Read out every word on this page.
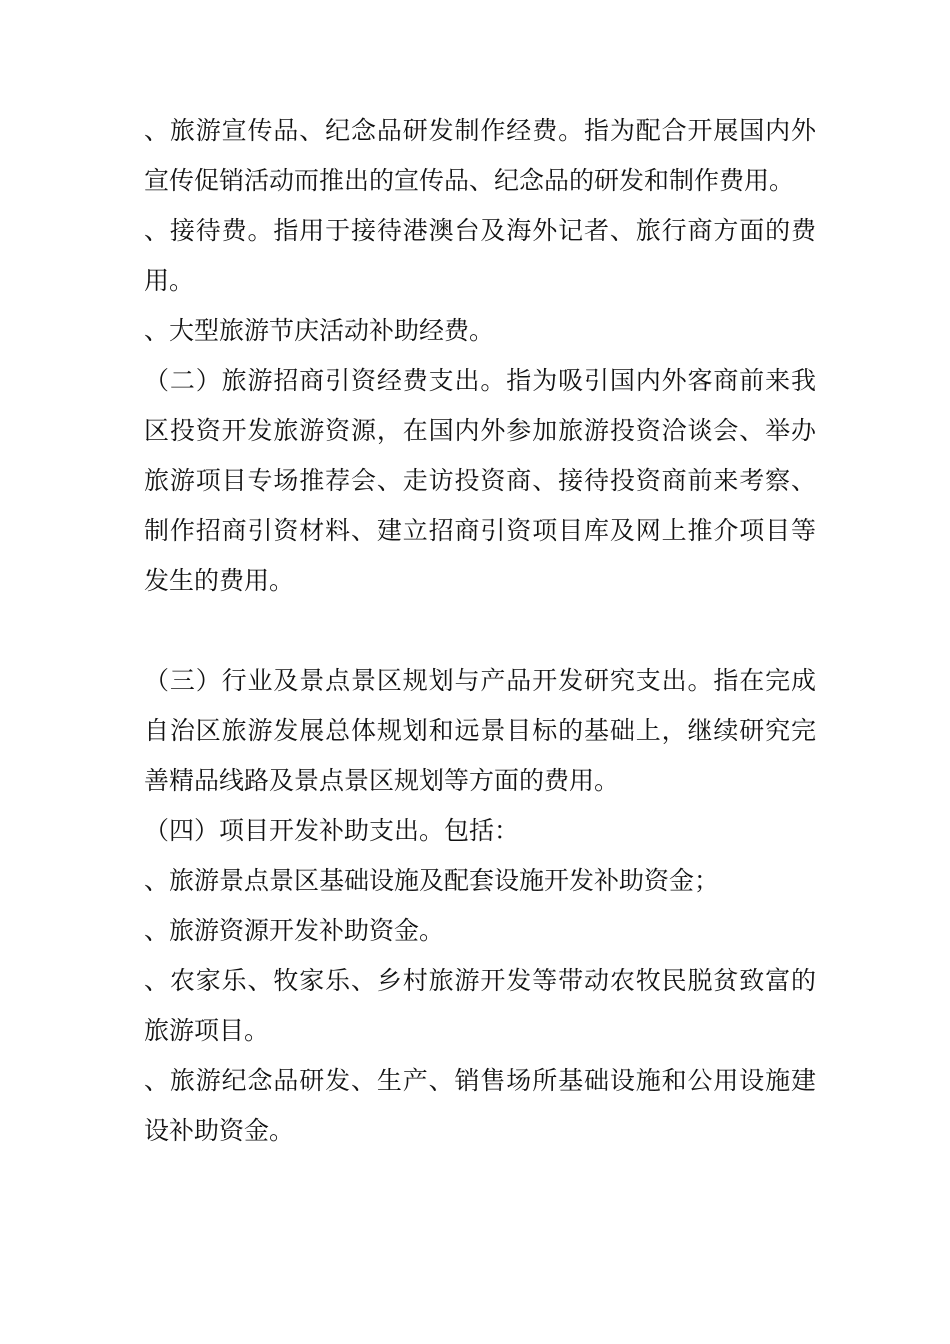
、旅游宣传品、纪念品研发制作经费。指为配合开展国内外宣传促销活动而推出的宣传品、纪念品的研发和制作费用。

、接待费。指用于接待港澳台及海外记者、旅行商方面的费用。

、大型旅游节庆活动补助经费。

（二）旅游招商引资经费支出。指为吸引国内外客商前来我区投资开发旅游资源，在国内外参加旅游投资洽谈会、举办旅游项目专场推荐会、走访投资商、接待投资商前来考察、制作招商引资材料、建立招商引资项目库及网上推介项目等发生的费用。

（三）行业及景点景区规划与产品开发研究支出。指在完成自治区旅游发展总体规划和远景目标的基础上，继续研究完善精品线路及景点景区规划等方面的费用。

（四）项目开发补助支出。包括：

、旅游景点景区基础设施及配套设施开发补助资金；

、旅游资源开发补助资金。

、农家乐、牧家乐、乡村旅游开发等带动农牧民脱贫致富的旅游项目。

、旅游纪念品研发、生产、销售场所基础设施和公用设施建设补助资金。
